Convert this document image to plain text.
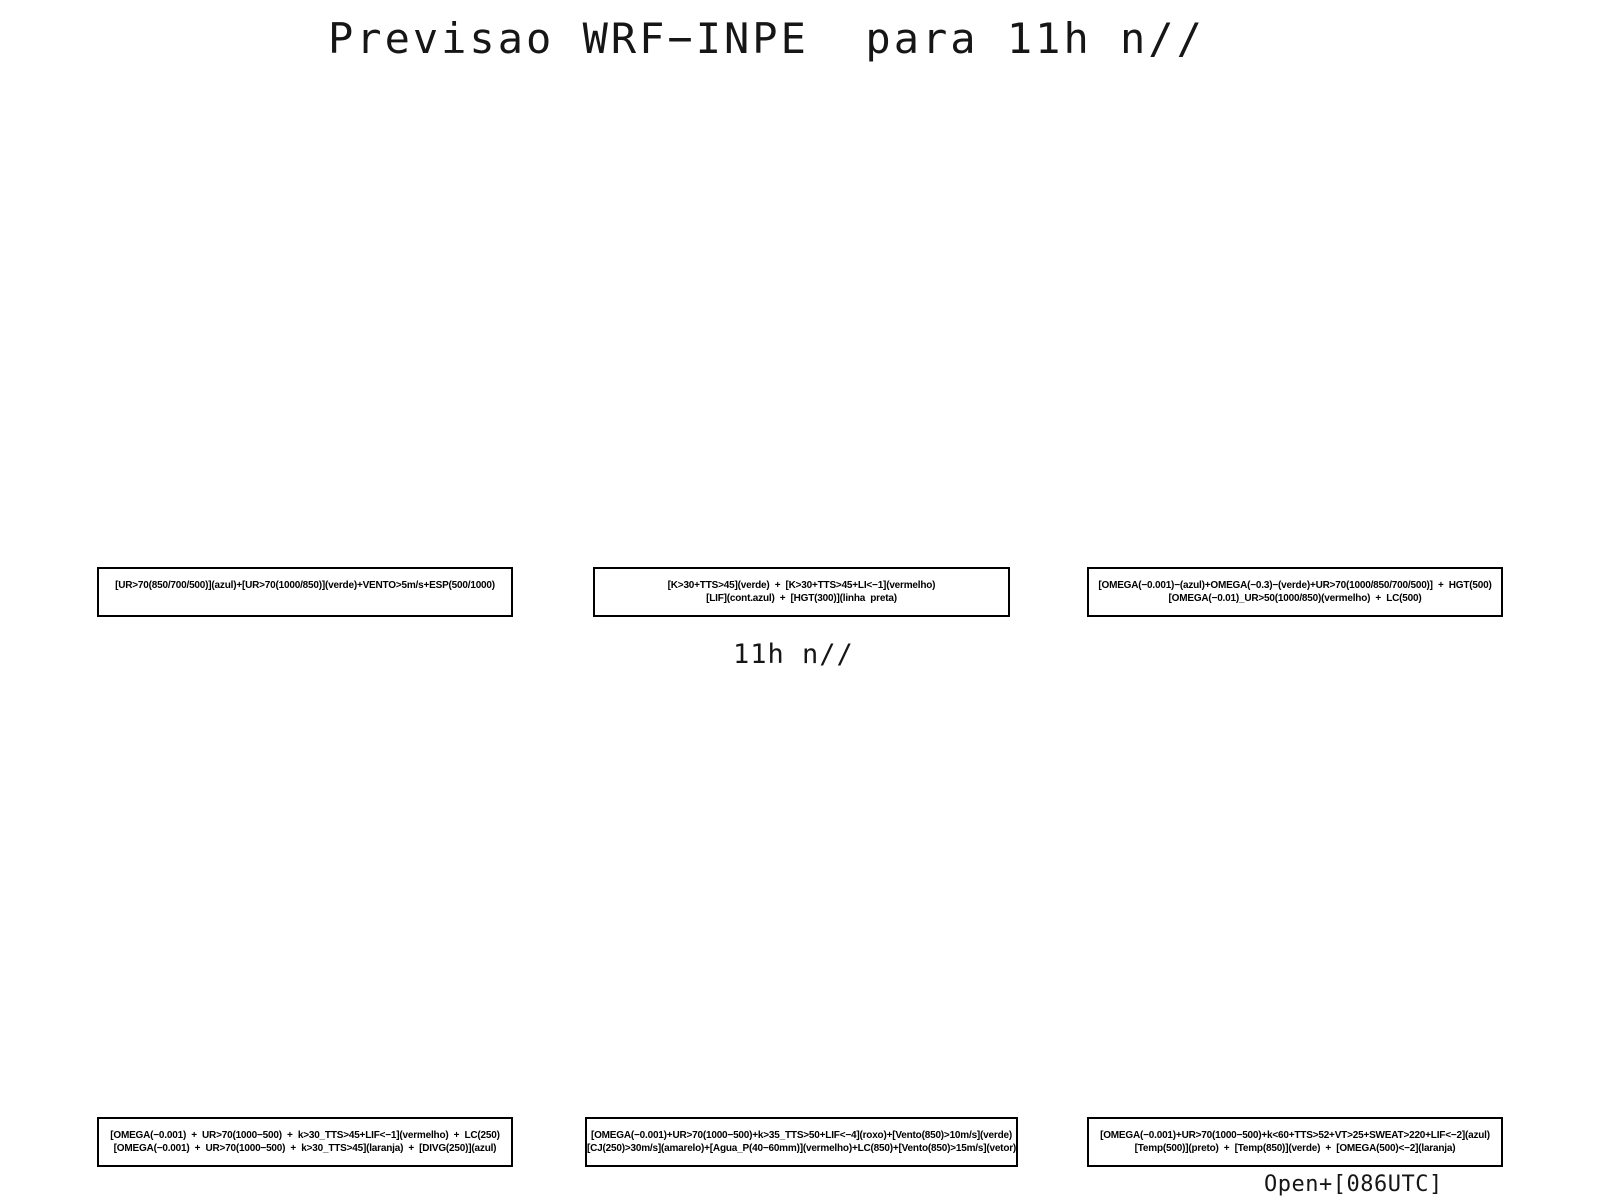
Previsao WRF−INPE  para 11h n//
[UR>70(850/700/500)](azul)+[UR>70(1000/850)](verde)+VENTO>5m/s+ESP(500/1000)	[K>30+TTS>45](verde)  +  [K>30+TTS>45+LI<−1](vermelho)
[LIF](cont.azul)  +  [HGT(300)](linha  preta)
[OMEGA(−0.001)−(azul)+OMEGA(−0.3)−(verde)+UR>70(1000/850/700/500)]  +  HGT(500)
[OMEGA(−0.01)_UR>50(1000/850)(vermelho)  +  LC(500)
11h n//
[OMEGA(−0.001)  +  UR>70(1000−500)  +  k>30_TTS>45+LIF<−1](vermelho)  +  LC(250)
[OMEGA(−0.001)  +  UR>70(1000−500)  +  k>30_TTS>45](laranja)  +  [DIVG(250)](azul)
[OMEGA(−0.001)+UR>70(1000−500)+k>35_TTS>50+LIF<−4](roxo)+[Vento(850)>10m/s](verde)
[CJ(250)>30m/s](amarelo)+[Agua_P(40−60mm)](vermelho)+LC(850)+[Vento(850)>15m/s](vetor)
[OMEGA(−0.001)+UR>70(1000−500)+k<60+TTS>52+VT>25+SWEAT>220+LIF<−2](azul)
[Temp(500)](preto)  +  [Temp(850)](verde)  +  [OMEGA(500)<−2](laranja)
Open+[086UTC]
